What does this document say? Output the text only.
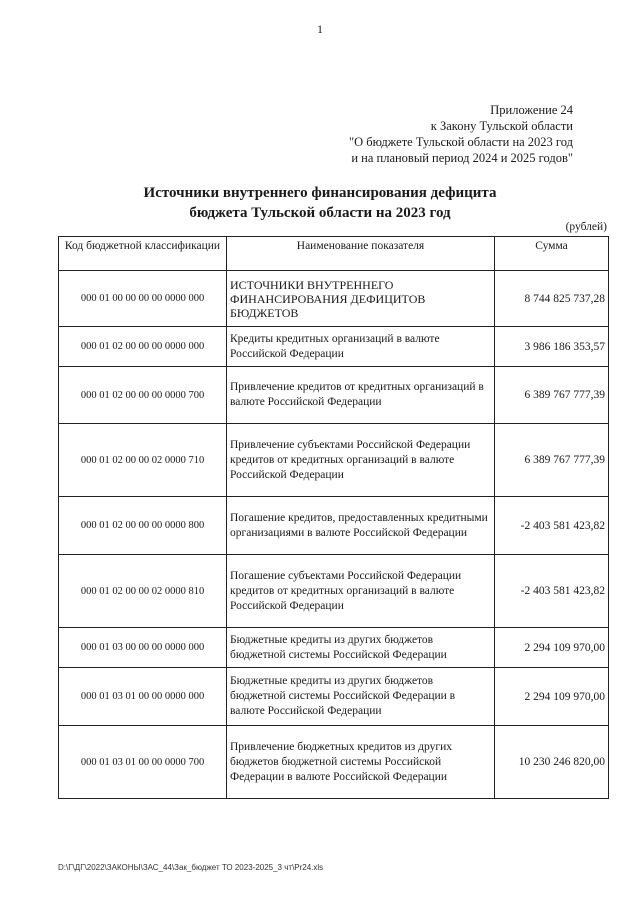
1
Приложение 24
к Закону Тульской области
"О бюджете Тульской области на 2023 год
и на плановый период 2024 и 2025 годов"
Источники внутреннего финансирования дефицита
бюджета Тульской области на 2023 год
(рублей)
Код бюджетной классификации	Наименование показателя	Сумма
000 01 00 00 00 00 0000 000	ИСТОЧНИКИ ВНУТРЕННЕГО ФИНАНСИРОВАНИЯ ДЕФИЦИТОВ БЮДЖЕТОВ	8 744 825 737,28
000 01 02 00 00 00 0000 000	Кредиты кредитных организаций в валюте Российской Федерации	3 986 186 353,57
000 01 02 00 00 00 0000 700	Привлечение кредитов от кредитных организаций в валюте Российской Федерации	6 389 767 777,39
000 01 02 00 00 02 0000 710	Привлечение субъектами Российской Федерации кредитов от кредитных организаций в валюте Российской Федерации	6 389 767 777,39
000 01 02 00 00 00 0000 800	Погашение кредитов, предоставленных кредитными организациями в валюте Российской Федерации	-2 403 581 423,82
000 01 02 00 00 02 0000 810	Погашение субъектами Российской Федерации кредитов от кредитных организаций в валюте Российской Федерации	-2 403 581 423,82
000 01 03 00 00 00 0000 000	Бюджетные кредиты из других бюджетов бюджетной системы Российской Федерации	2 294 109 970,00
000 01 03 01 00 00 0000 000	Бюджетные кредиты из других бюджетов бюджетной системы Российской Федерации в валюте Российской Федерации	2 294 109 970,00
000 01 03 01 00 00 0000 700	Привлечение бюджетных кредитов из других бюджетов бюджетной системы Российской Федерации в валюте Российской Федерации	10 230 246 820,00
D:\Г\ДГ\2022\ЗАКОНЫ\ЗАС_44\Зак_бюджет ТО 2023-2025_3 чт\Pr24.xls
